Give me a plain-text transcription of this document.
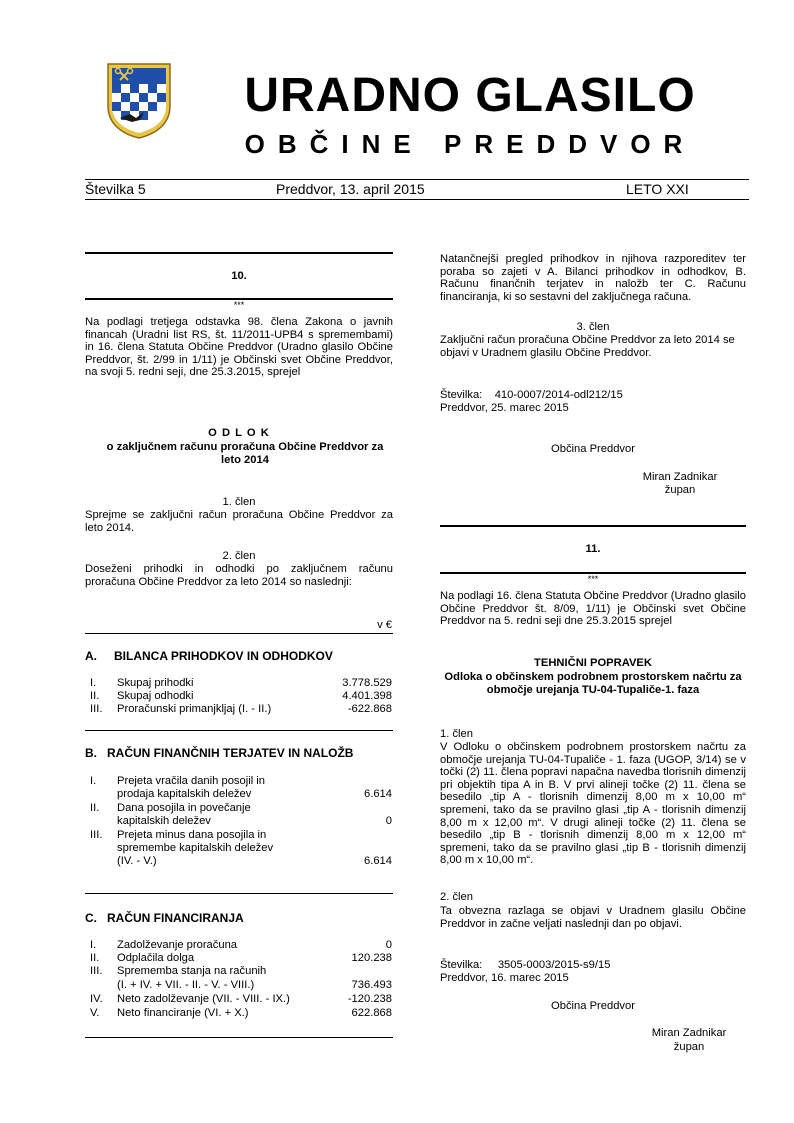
URADNO GLASILO
OBČINE PREDDVOR
Številka 5	Preddvor, 13. april 2015	LETO XXI
10.
***
Na podlagi tretjega odstavka 98. člena Zakona o javnih financah (Uradni list RS, št. 11/2011-UPB4 s spremembami) in 16. člena Statuta Občine Preddvor (Uradno glasilo Občine Preddvor, št. 2/99 in 1/11) je Občinski svet Občine Preddvor, na svoji 5. redni seji, dne 25.3.2015, sprejel
O D L O K
o zaključnem računu proračuna Občine Preddvor za leto 2014
1. člen
Sprejme se zaključni račun proračuna Občine Preddvor za leto 2014.
2. člen
Doseženi prihodki in odhodki po zaključnem računu proračuna Občine Preddvor za leto 2014 so naslednji:
v €
A. BILANCA PRIHODKOV IN ODHODKOV
I. Skupaj prihodki	3.778.529
II. Skupaj odhodki	4.401.398
III. Proračunski primanjkljaj (I. - II.)	-622.868
B. RAČUN FINANČNIH TERJATEV IN NALOŽB
I. Prejeta vračila danih posojil in
prodaja kapitalskih deležev	6.614
II. Dana posojila in povečanje
kapitalskih deležev	0
III. Prejeta minus dana posojila in
spremembe kapitalskih deležev
(IV. - V.)	6.614
C. RAČUN FINANCIRANJA
I. Zadolževanje proračuna	0
II. Odplačila dolga	120.238
III. Sprememba stanja na računih
(I. + IV. + VII. - II. - V. - VIII.)	736.493
IV. Neto zadolževanje (VII. - VIII. - IX.)	-120.238
V. Neto financiranje (VI. + X.)	622.868
Natančnejši pregled prihodkov in njihova razporeditev ter poraba so zajeti v A. Bilanci prihodkov in odhodkov, B. Računu finančnih terjatev in naložb ter C. Računu financiranja, ki so sestavni del zaključnega računa.
3. člen
Zaključni račun proračuna Občine Preddvor za leto 2014 se objavi v Uradnem glasilu Občine Preddvor.
Številka:    410-0007/2014-odl212/15
Preddvor, 25. marec 2015
Občina Preddvor
Miran Zadnikar
župan
11.
***
Na podlagi 16. člena Statuta Občine Preddvor (Uradno glasilo Občine Preddvor št. 8/09, 1/11) je Občinski svet Občine Preddvor na 5. redni seji dne 25.3.2015 sprejel
TEHNIČNI POPRAVEK
Odloka o občinskem podrobnem prostorskem načrtu za območje urejanja TU-04-Tupaliče-1. faza
1. člen
V Odloku o občinskem podrobnem prostorskem načrtu za območje urejanja TU-04-Tupaliče - 1. faza (UGOP, 3/14) se v točki (2) 11. člena popravi napačna navedba tlorisnih dimenzij pri objektih tipa A in B. V prvi alineji točke (2) 11. člena se besedilo „tip A - tlorisnih dimenzij 8,00 m x 10,00 m“ spremeni, tako da se pravilno glasi „tip A - tlorisnih dimenzij 8,00 m x 12,00 m“. V drugi alineji točke (2) 11. člena se besedilo „tip B - tlorisnih dimenzij 8,00 m x 12,00 m“ spremeni, tako da se pravilno glasi „tip B - tlorisnih dimenzij 8,00 m x 10,00 m“.
2. člen
Ta obvezna razlaga se objavi v Uradnem glasilu Občine Preddvor in začne veljati naslednji dan po objavi.
Številka:     3505-0003/2015-s9/15
Preddvor, 16. marec 2015
Občina Preddvor
Miran Zadnikar
župan
